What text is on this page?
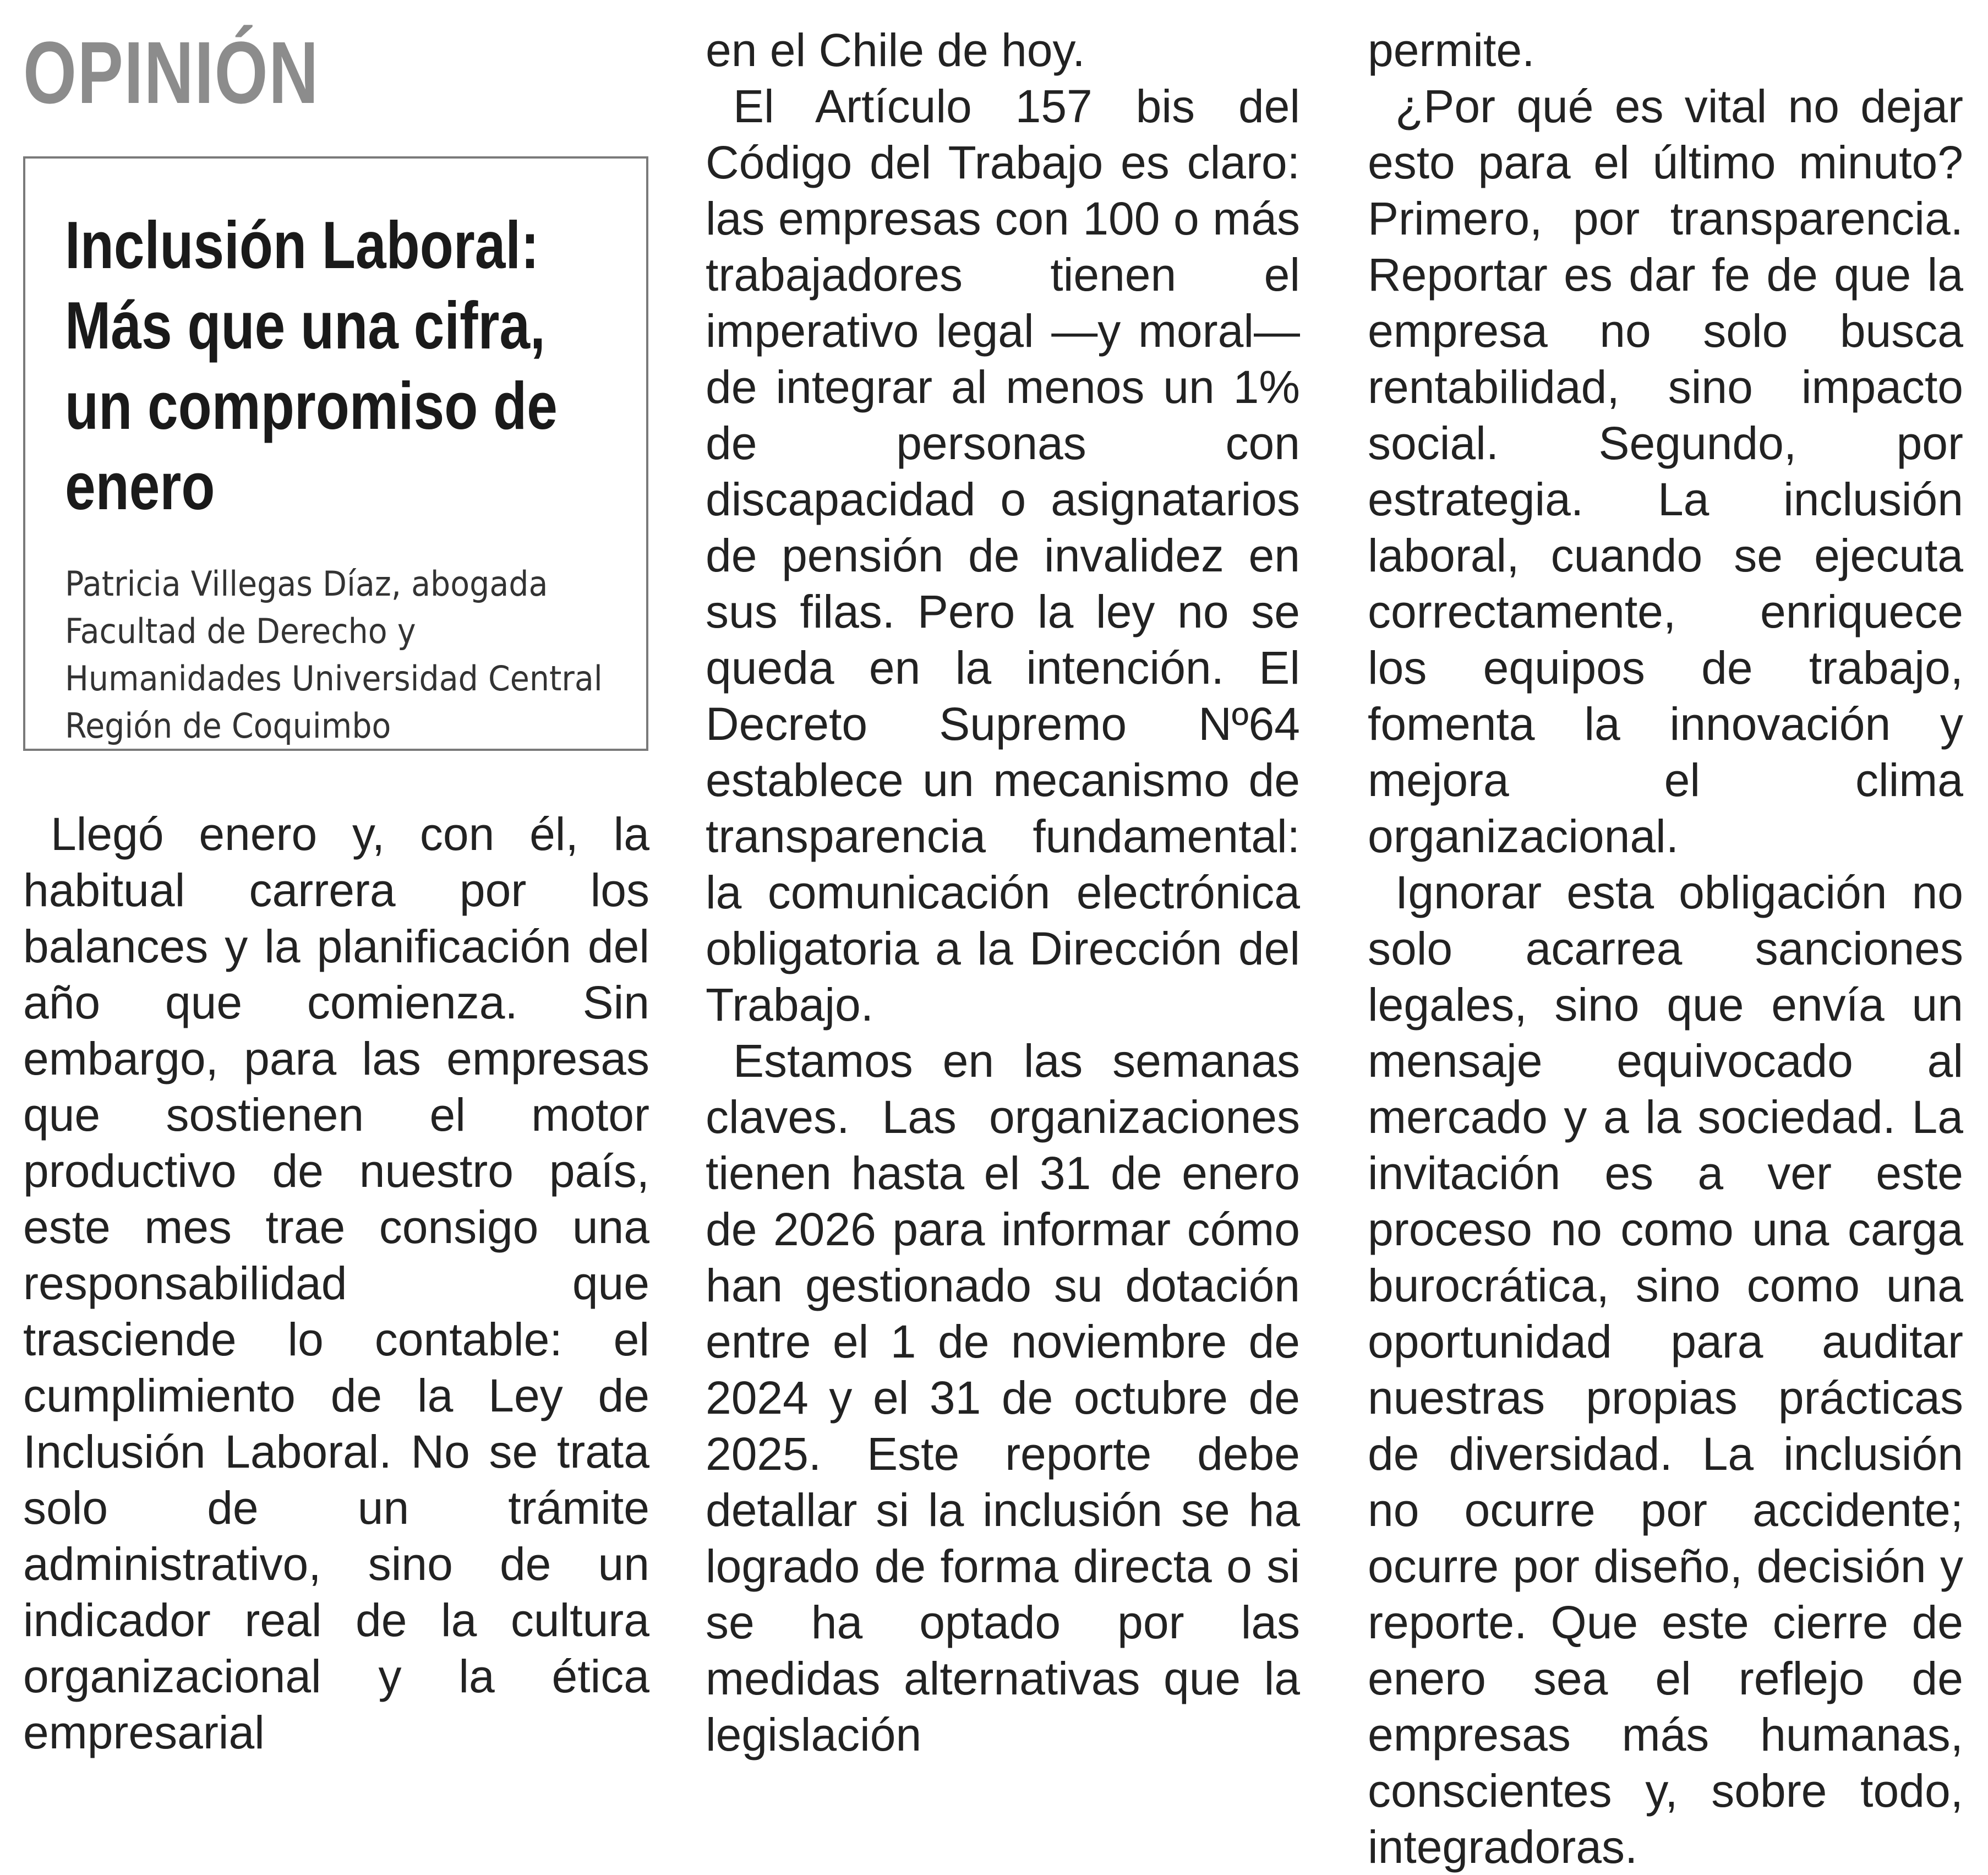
OPINIÓN
Inclusión Laboral: Más que una cifra, un compromiso de enero
Patricia Villegas Díaz, abogada Facultad de Derecho y Humanidades Universidad Central Región de Coquimbo

Llegó enero y, con él, la habitual carrera por los balances y la planificación del año que comienza. Sin embargo, para las empresas que sostienen el motor productivo de nuestro país, este mes trae consigo una responsabilidad que trasciende lo contable: el cumplimiento de la Ley de Inclusión Laboral. No se trata solo de un trámite administrativo, sino de un indicador real de la cultura organizacional y la ética empresarial

en el Chile de hoy.

El Artículo 157 bis del Código del Trabajo es claro: las empresas con 100 o más trabajadores tienen el imperativo legal —y moral— de integrar al menos un 1% de personas con discapacidad o asignatarios de pensión de invalidez en sus filas. Pero la ley no se queda en la intención. El Decreto Supremo Nº64 establece un mecanismo de transparencia fundamental: la comunicación electrónica obligatoria a la Dirección del Trabajo.

Estamos en las semanas claves. Las organizaciones tienen hasta el 31 de enero de 2026 para informar cómo han gestionado su dotación entre el 1 de noviembre de 2024 y el 31 de octubre de 2025. Este reporte debe detallar si la inclusión se ha logrado de forma directa o si se ha optado por las medidas alternativas que la legislación

permite.

¿Por qué es vital no dejar esto para el último minuto? Primero, por transparencia. Reportar es dar fe de que la empresa no solo busca rentabilidad, sino impacto social. Segundo, por estrategia. La inclusión laboral, cuando se ejecuta correctamente, enriquece los equipos de trabajo, fomenta la innovación y mejora el clima organizacional.

Ignorar esta obligación no solo acarrea sanciones legales, sino que envía un mensaje equivocado al mercado y a la sociedad. La invitación es a ver este proceso no como una carga burocrática, sino como una oportunidad para auditar nuestras propias prácticas de diversidad. La inclusión no ocurre por accidente; ocurre por diseño, decisión y reporte. Que este cierre de enero sea el reflejo de empresas más humanas, conscientes y, sobre todo, integradoras.
